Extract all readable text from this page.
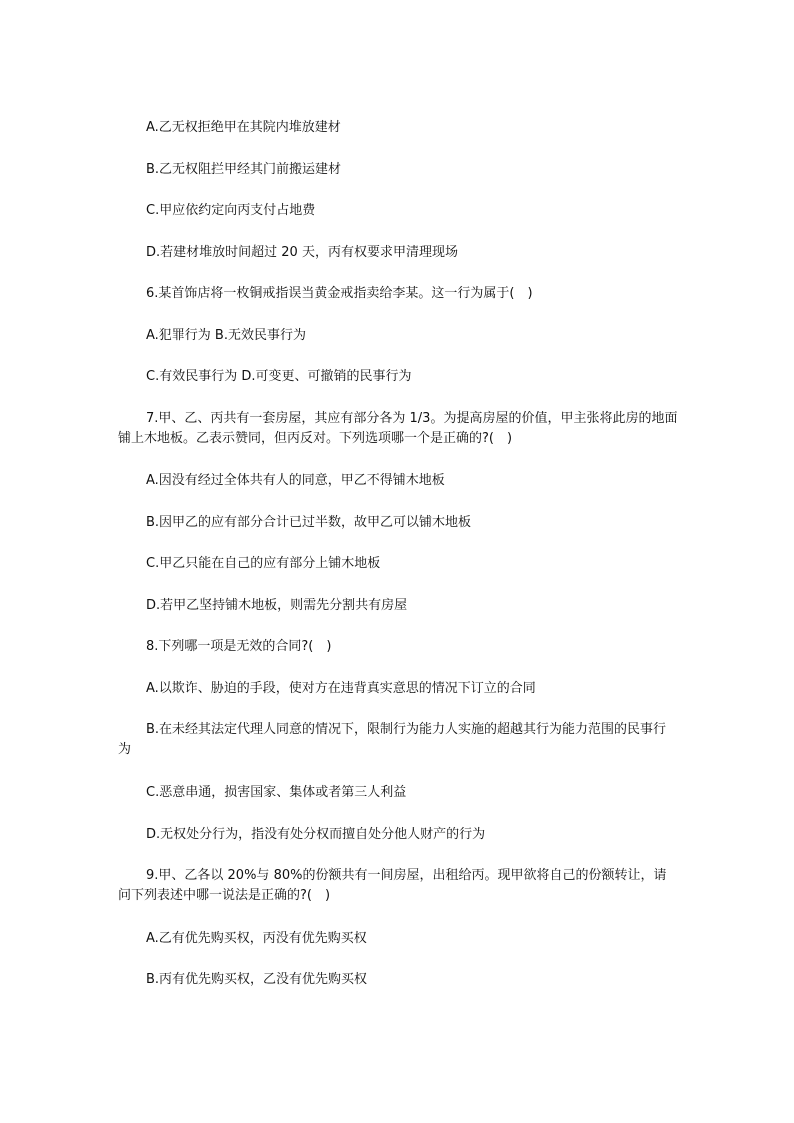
A.乙无权拒绝甲在其院内堆放建材

B.乙无权阻拦甲经其门前搬运建材

C.甲应依约定向丙支付占地费

D.若建材堆放时间超过 20 天，丙有权要求甲清理现场

6.某首饰店将一枚铜戒指误当黄金戒指卖给李某。这一行为属于(　)

A.犯罪行为 B.无效民事行为

C.有效民事行为 D.可变更、可撤销的民事行为

7.甲、乙、丙共有一套房屋，其应有部分各为 1/3。为提高房屋的价值，甲主张将此房的地面铺上木地板。乙表示赞同，但丙反对。下列选项哪一个是正确的?(　)

A.因没有经过全体共有人的同意，甲乙不得铺木地板

B.因甲乙的应有部分合计已过半数，故甲乙可以铺木地板

C.甲乙只能在自己的应有部分上铺木地板

D.若甲乙坚持铺木地板，则需先分割共有房屋

8.下列哪一项是无效的合同?(　)

A.以欺诈、胁迫的手段，使对方在违背真实意思的情况下订立的合同

B.在未经其法定代理人同意的情况下，限制行为能力人实施的超越其行为能力范围的民事行为

C.恶意串通，损害国家、集体或者第三人利益

D.无权处分行为，指没有处分权而擅自处分他人财产的行为

9.甲、乙各以 20%与 80%的份额共有一间房屋，出租给丙。现甲欲将自己的份额转让，请问下列表述中哪一说法是正确的?(　)

A.乙有优先购买权，丙没有优先购买权

B.丙有优先购买权，乙没有优先购买权
